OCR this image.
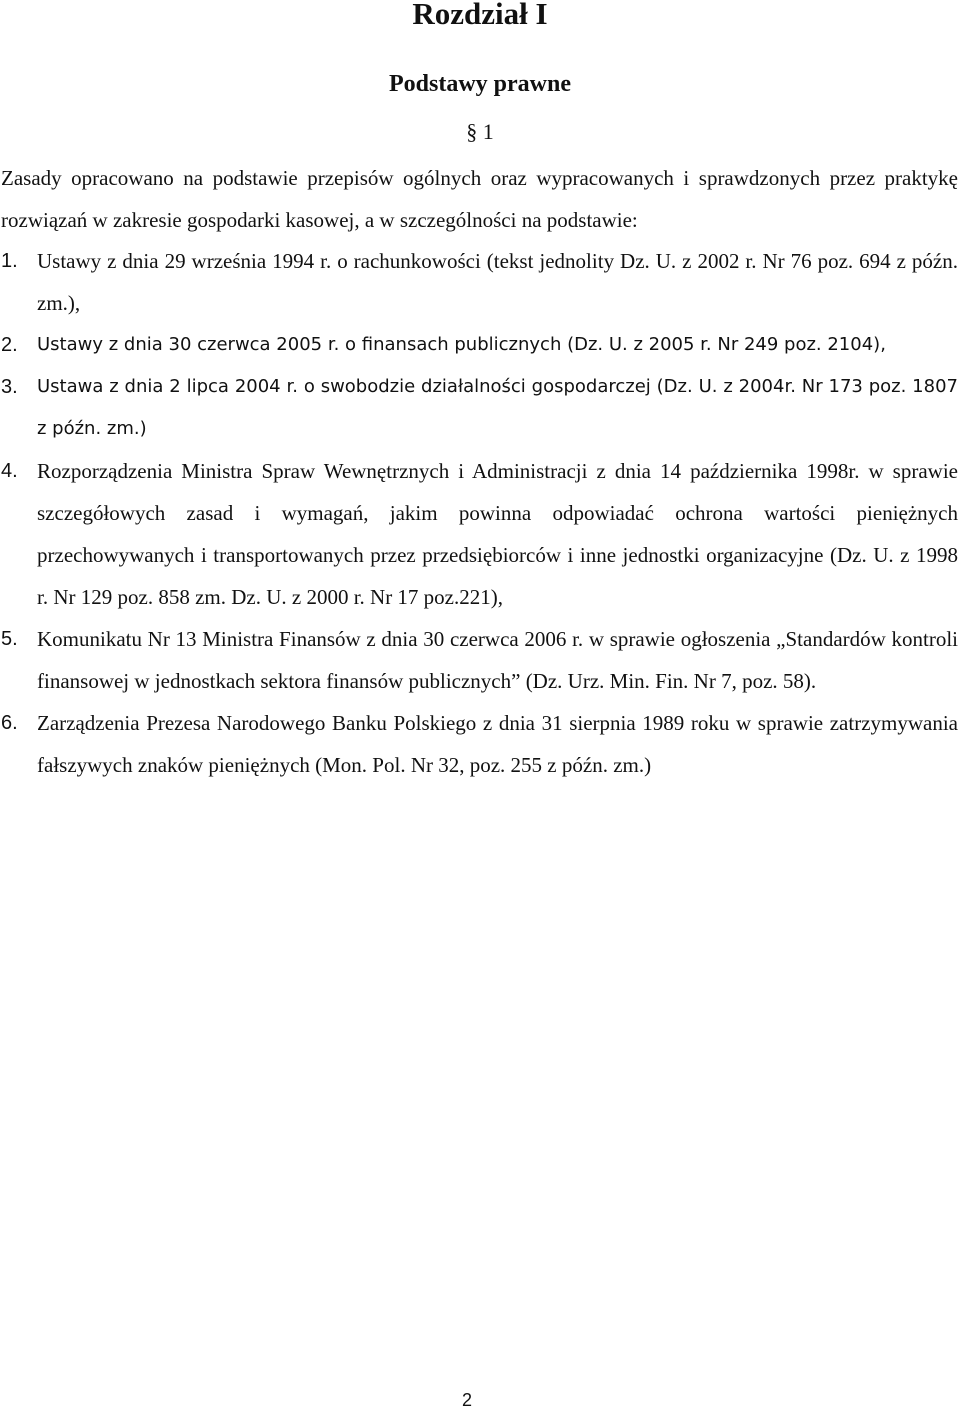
Rozdział I
Podstawy prawne

§ 1

Zasady opracowano na podstawie przepisów ogólnych oraz wypracowanych i sprawdzonych przez praktykę rozwiązań w zakresie gospodarki kasowej, a w szczególności na podstawie:

1. Ustawy z dnia 29 września 1994 r. o rachunkowości (tekst jednolity Dz. U. z 2002 r. Nr 76 poz. 694 z późn. zm.),
2. Ustawy z dnia 30 czerwca 2005 r. o finansach publicznych (Dz. U. z 2005 r. Nr 249 poz. 2104),
3. Ustawa z dnia 2 lipca 2004 r. o swobodzie działalności gospodarczej (Dz. U. z 2004r. Nr 173 poz. 1807 z późn. zm.)
4. Rozporządzenia Ministra Spraw Wewnętrznych i Administracji z dnia 14 października 1998r. w sprawie szczegółowych zasad i wymagań, jakim powinna odpowiadać ochrona wartości pieniężnych przechowywanych i transportowanych przez przedsiębiorców i inne jednostki organizacyjne (Dz. U. z 1998 r. Nr 129 poz. 858 zm. Dz. U. z 2000 r. Nr 17 poz.221),
5. Komunikatu Nr 13 Ministra Finansów z dnia 30 czerwca 2006 r. w sprawie ogłoszenia „Standardów kontroli finansowej w jednostkach sektora finansów publicznych” (Dz. Urz. Min. Fin. Nr 7, poz. 58).
6. Zarządzenia Prezesa Narodowego Banku Polskiego z dnia 31 sierpnia 1989 roku w sprawie zatrzymywania fałszywych znaków pieniężnych (Mon. Pol. Nr 32, poz. 255 z późn. zm.)

2
